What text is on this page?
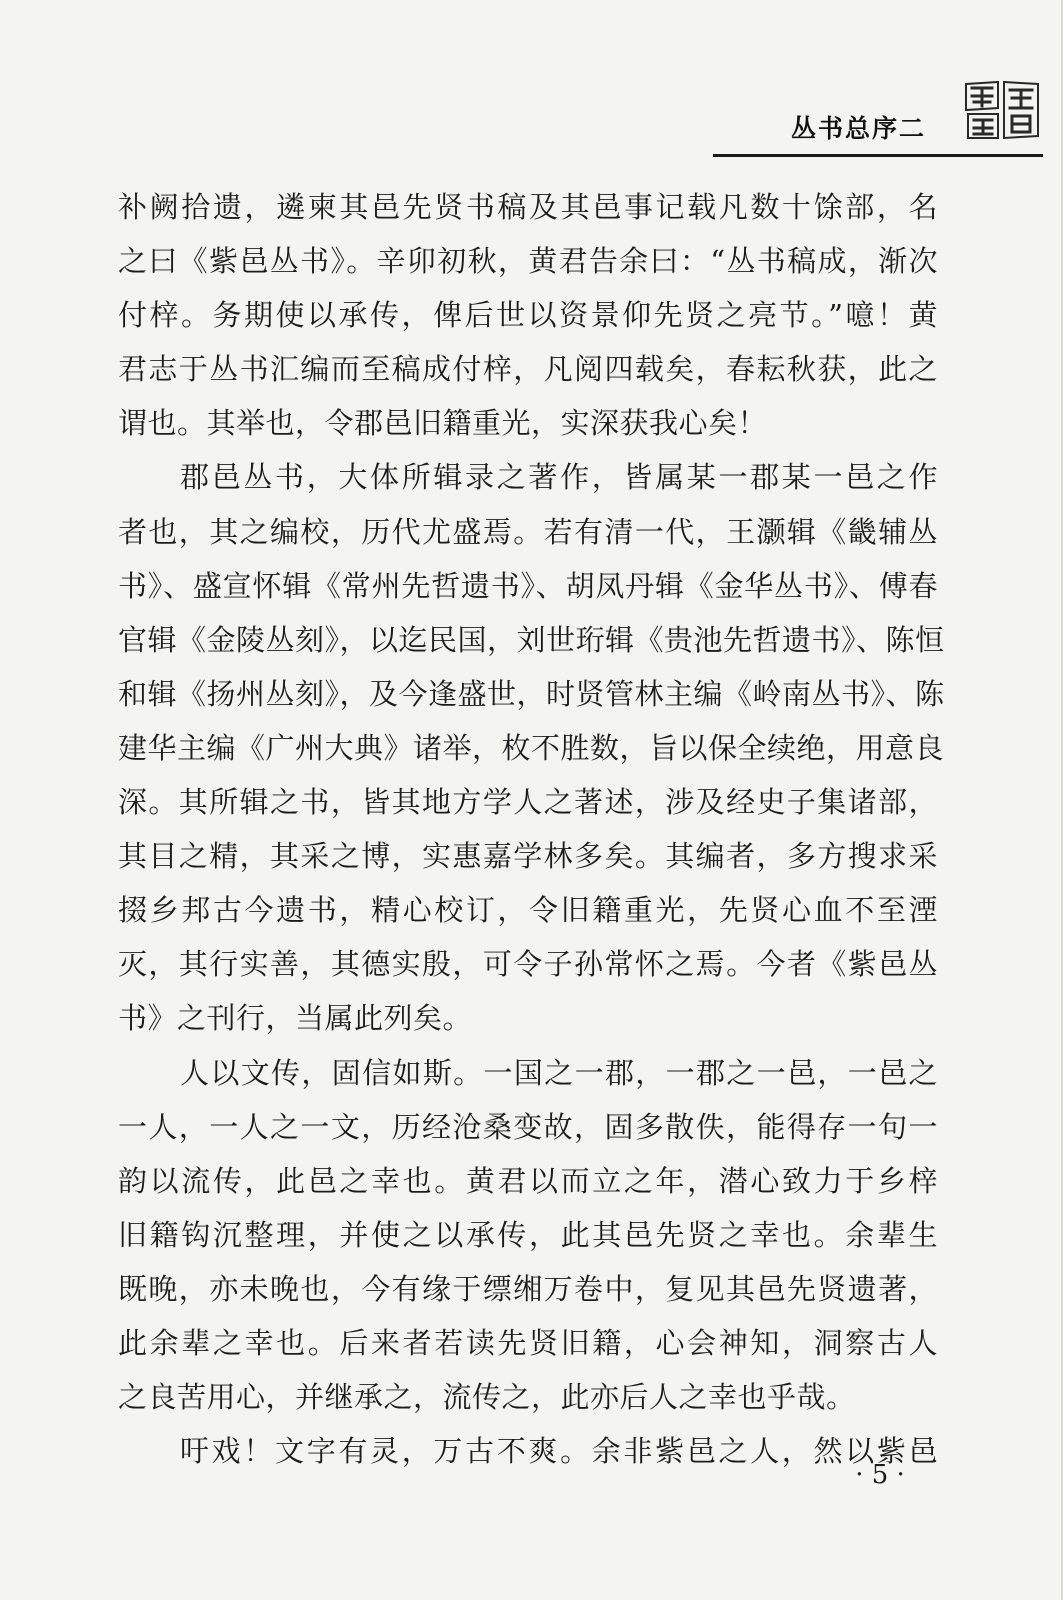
丛书总序二
补阙拾遗，遴柬其邑先贤书稿及其邑事记载凡数十馀部，名
之曰《紫邑丛书》。辛卯初秋，黄君告余曰：“丛书稿成，渐次
付梓。务期使以承传，俾后世以资景仰先贤之亮节。”噫！黄
君志于丛书汇编而至稿成付梓，凡阅四载矣，春耘秋获，此之
谓也。其举也，令郡邑旧籍重光，实深获我心矣！
郡邑丛书，大体所辑录之著作，皆属某一郡某一邑之作
者也，其之编校，历代尤盛焉。若有清一代，王灏辑《畿辅丛
书》、盛宣怀辑《常州先哲遗书》、胡凤丹辑《金华丛书》、傅春
官辑《金陵丛刻》，以迄民国，刘世珩辑《贵池先哲遗书》、陈恒
和辑《扬州丛刻》，及今逢盛世，时贤管林主编《岭南丛书》、陈
建华主编《广州大典》诸举，枚不胜数，旨以保全续绝，用意良
深。其所辑之书，皆其地方学人之著述，涉及经史子集诸部，
其目之精，其采之博，实惠嘉学林多矣。其编者，多方搜求采
掇乡邦古今遗书，精心校订，令旧籍重光，先贤心血不至湮
灭，其行实善，其德实殷，可令子孙常怀之焉。今者《紫邑丛
书》之刊行，当属此列矣。
人以文传，固信如斯。一国之一郡，一郡之一邑，一邑之
一人，一人之一文，历经沧桑变故，固多散佚，能得存一句一
韵以流传，此邑之幸也。黄君以而立之年，潜心致力于乡梓
旧籍钩沉整理，并使之以承传，此其邑先贤之幸也。余辈生
既晚，亦未晚也，今有缘于缥缃万卷中，复见其邑先贤遗著，
此余辈之幸也。后来者若读先贤旧籍，心会神知，洞察古人
之良苦用心，并继承之，流传之，此亦后人之幸也乎哉。
吁戏！文字有灵，万古不爽。余非紫邑之人，然以紫邑
· 5 ·
